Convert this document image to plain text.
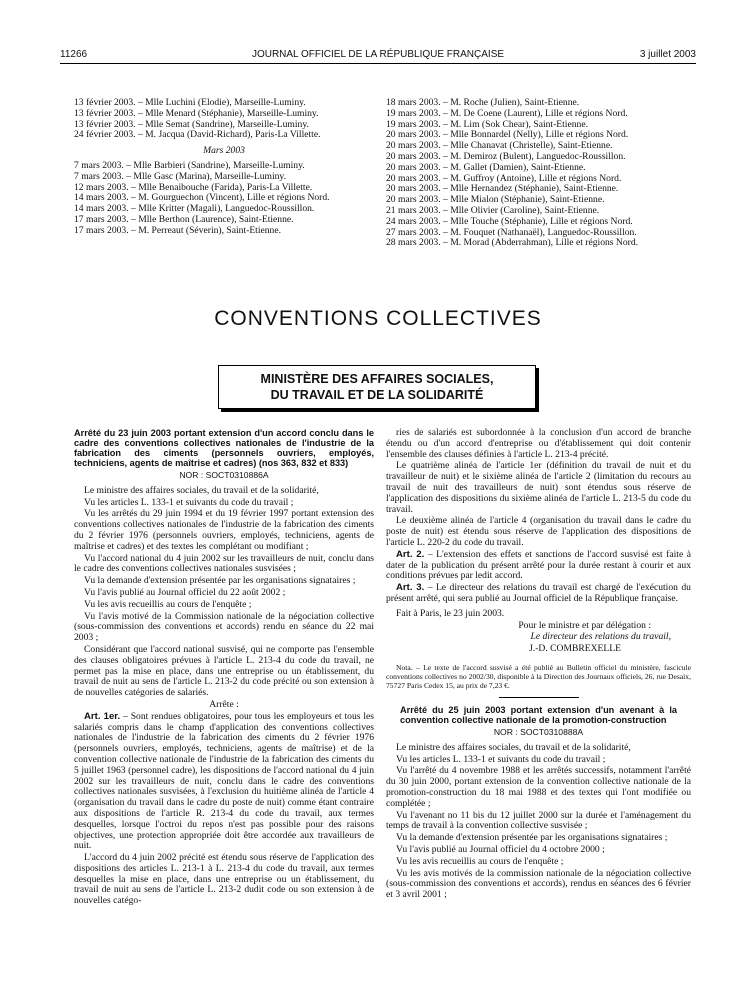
11266	JOURNAL OFFICIEL DE LA RÉPUBLIQUE FRANÇAISE	3 juillet 2003

13 février 2003. – Mlle Luchini (Elodie), Marseille-Luminy.

13 février 2003. – Mlle Menard (Stéphanie), Marseille-Luminy.

13 février 2003. – Mlle Semat (Sandrine), Marseille-Luminy.

24 février 2003. – M. Jacqua (David-Richard), Paris-La Villette.

Mars 2003

7 mars 2003. – Mlle Barbieri (Sandrine), Marseille-Luminy.

7 mars 2003. – Mlle Gasc (Marina), Marseille-Luminy.

12 mars 2003. – Mlle Benaibouche (Farida), Paris-La Villette.

14 mars 2003. – M. Gourguechon (Vincent), Lille et régions Nord.

14 mars 2003. – Mlle Kritter (Magali), Languedoc-Roussillon.

17 mars 2003. – Mlle Berthon (Laurence), Saint-Etienne.

17 mars 2003. – M. Perreaut (Séverin), Saint-Etienne.

18 mars 2003. – M. Roche (Julien), Saint-Etienne.

19 mars 2003. – M. De Coene (Laurent), Lille et régions Nord.

19 mars 2003. – M. Lim (Sok Chear), Saint-Etienne.

20 mars 2003. – Mlle Bonnardel (Nelly), Lille et régions Nord.

20 mars 2003. – Mlle Chanavat (Christelle), Saint-Etienne.

20 mars 2003. – M. Demiroz (Bulent), Languedoc-Roussillon.

20 mars 2003. – M. Gallet (Damien), Saint-Etienne.

20 mars 2003. – M. Guffroy (Antoine), Lille et régions Nord.

20 mars 2003. – Mlle Hernandez (Stéphanie), Saint-Etienne.

20 mars 2003. – Mlle Mialon (Stéphanie), Saint-Etienne.

21 mars 2003. – Mlle Olivier (Caroline), Saint-Etienne.

24 mars 2003. – Mlle Touche (Stéphanie), Lille et régions Nord.

27 mars 2003. – M. Fouquet (Nathanaël), Languedoc-Roussillon.

28 mars 2003. – M. Morad (Abderrahman), Lille et régions Nord.

CONVENTIONS COLLECTIVES
MINISTÈRE DES AFFAIRES SOCIALES,
DU TRAVAIL ET DE LA SOLIDARITÉ

Arrêté du 23 juin 2003 portant extension d'un accord conclu dans le cadre des conventions collectives nationales de l'industrie de la fabrication des ciments (personnels ouvriers, employés, techniciens, agents de maîtrise et cadres) (nos 363, 832 et 833)

NOR : SOCT0310886A

Le ministre des affaires sociales, du travail et de la solidarité,

Vu les articles L. 133-1 et suivants du code du travail ;

Vu les arrêtés du 29 juin 1994 et du 19 février 1997 portant extension des conventions collectives nationales de l'industrie de la fabrication des ciments du 2 février 1976 (personnels ouvriers, employés, techniciens, agents de maîtrise et cadres) et des textes les complétant ou modifiant ;

Vu l'accord national du 4 juin 2002 sur les travailleurs de nuit, conclu dans le cadre des conventions collectives nationales susvisées ;

Vu la demande d'extension présentée par les organisations signataires ;

Vu l'avis publié au Journal officiel du 22 août 2002 ;

Vu les avis recueillis au cours de l'enquête ;

Vu l'avis motivé de la Commission nationale de la négociation collective (sous-commission des conventions et accords) rendu en séance du 22 mai 2003 ;

Considérant que l'accord national susvisé, qui ne comporte pas l'ensemble des clauses obligatoires prévues à l'article L. 213-4 du code du travail, ne permet pas la mise en place, dans une entreprise ou un établissement, du travail de nuit au sens de l'article L. 213-2 du code précité ou son extension à de nouvelles catégories de salariés.

Arrête :

Art. 1er. – Sont rendues obligatoires, pour tous les employeurs et tous les salariés compris dans le champ d'application des conventions collectives nationales de l'industrie de la fabrication des ciments du 2 février 1976 (personnels ouvriers, employés, techniciens, agents de maîtrise) et de la convention collective nationale de l'industrie de la fabrication des ciments du 5 juillet 1963 (personnel cadre), les dispositions de l'accord national du 4 juin 2002 sur les travailleurs de nuit, conclu dans le cadre des conventions collectives nationales susvisées, à l'exclusion du huitième alinéa de l'article 4 (organisation du travail dans le cadre du poste de nuit) comme étant contraire aux dispositions de l'article R. 213-4 du code du travail, aux termes desquelles, lorsque l'octroi du repos n'est pas possible pour des raisons objectives, une protection appropriée doit être accordée aux travailleurs de nuit.

L'accord du 4 juin 2002 précité est étendu sous réserve de l'application des dispositions des articles L. 213-1 à L. 213-4 du code du travail, aux termes desquelles la mise en place, dans une entreprise ou un établissement, du travail de nuit au sens de l'article L. 213-2 dudit code ou son extension à de nouvelles catégo-

ries de salariés est subordonnée à la conclusion d'un accord de branche étendu ou d'un accord d'entreprise ou d'établissement qui doit contenir l'ensemble des clauses définies à l'article L. 213-4 précité.

Le quatrième alinéa de l'article 1er (définition du travail de nuit et du travailleur de nuit) et le sixième alinéa de l'article 2 (limitation du recours au travail de nuit des travailleurs de nuit) sont étendus sous réserve de l'application des dispositions du sixième alinéa de l'article L. 213-5 du code du travail.

Le deuxième alinéa de l'article 4 (organisation du travail dans le cadre du poste de nuit) est étendu sous réserve de l'application des dispositions de l'article L. 220-2 du code du travail.

Art. 2. – L'extension des effets et sanctions de l'accord susvisé est faite à dater de la publication du présent arrêté pour la durée restant à courir et aux conditions prévues par ledit accord.

Art. 3. – Le directeur des relations du travail est chargé de l'exécution du présent arrêté, qui sera publié au Journal officiel de la République française.

Fait à Paris, le 23 juin 2003.

Pour le ministre et par délégation :

Le directeur des relations du travail,

J.-D. COMBREXELLE

Nota. – Le texte de l'accord susvisé a été publié au Bulletin officiel du ministère, fascicule conventions collectives no 2002/30, disponible à la Direction des Journaux officiels, 26, rue Desaix, 75727 Paris Cedex 15, au prix de 7,23 €.

Arrêté du 25 juin 2003 portant extension d'un avenant à la convention collective nationale de la promotion-construction

NOR : SOCT0310888A

Le ministre des affaires sociales, du travail et de la solidarité,

Vu les articles L. 133-1 et suivants du code du travail ;

Vu l'arrêté du 4 novembre 1988 et les arrêtés successifs, notamment l'arrêté du 30 juin 2000, portant extension de la convention collective nationale de la promotion-construction du 18 mai 1988 et des textes qui l'ont modifiée ou complétée ;

Vu l'avenant no 11 bis du 12 juillet 2000 sur la durée et l'aménagement du temps de travail à la convention collective susvisée ;

Vu la demande d'extension présentée par les organisations signataires ;

Vu l'avis publié au Journal officiel du 4 octobre 2000 ;

Vu les avis recueillis au cours de l'enquête ;

Vu les avis motivés de la commission nationale de la négociation collective (sous-commission des conventions et accords), rendus en séances des 6 février et 3 avril 2001 ;
